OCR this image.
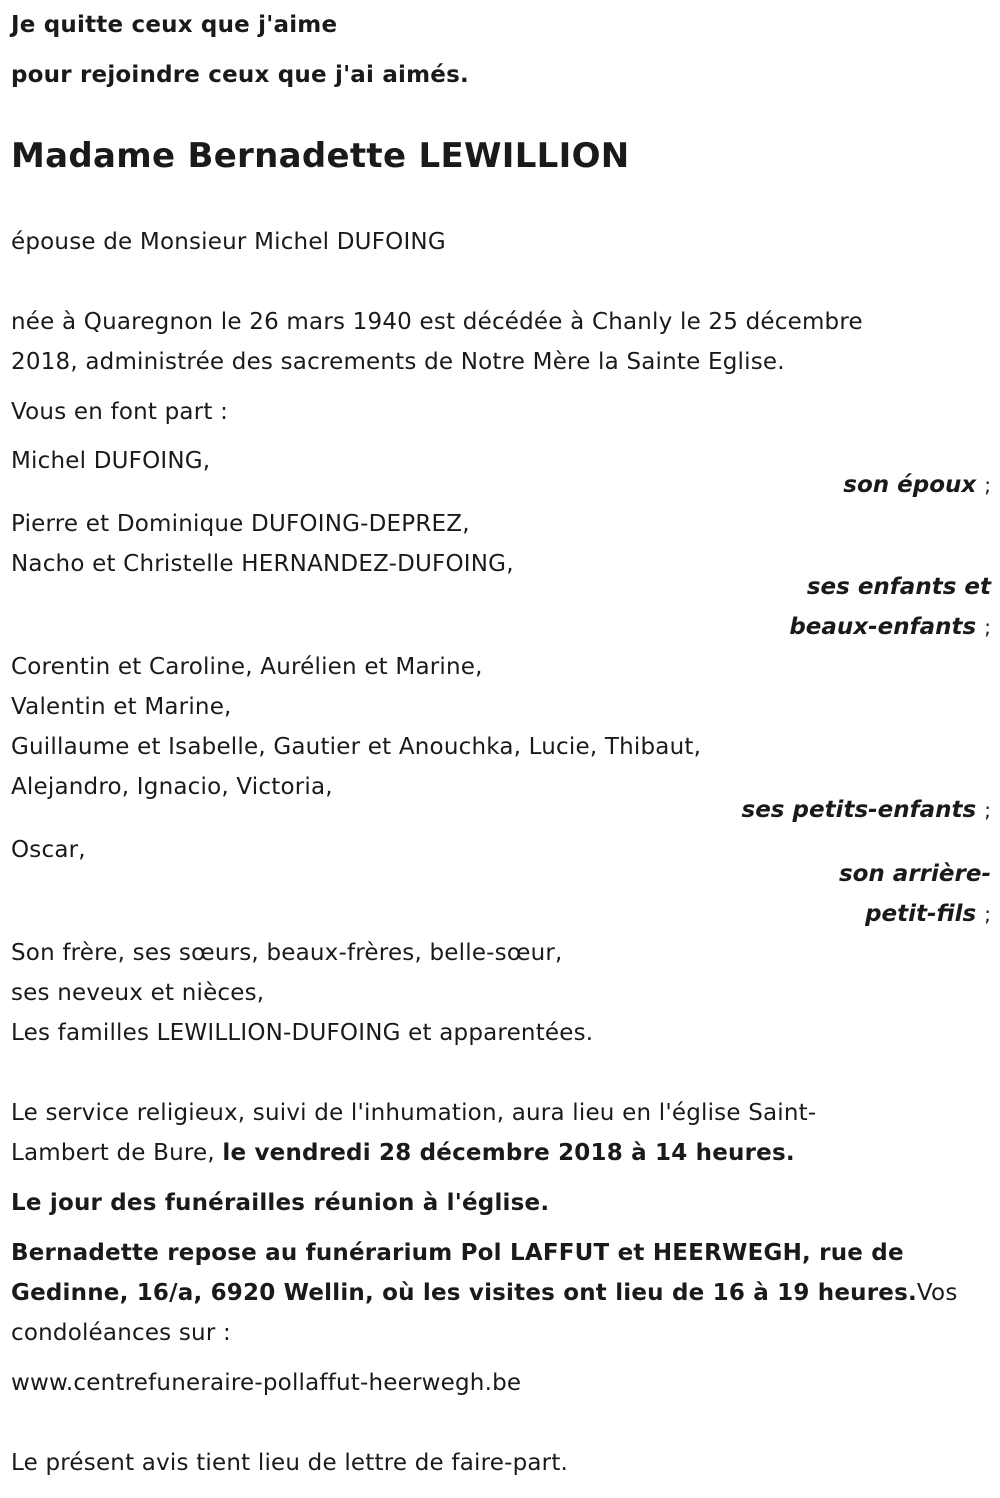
Je quitte ceux que j'aime
pour rejoindre ceux que j'ai aimés.
Madame Bernadette LEWILLION
épouse de Monsieur Michel DUFOING
née à Quaregnon le 26 mars 1940 est décédée à Chanly le 25 décembre
2018, administrée des sacrements de Notre Mère la Sainte Eglise.
Vous en font part :
Michel DUFOING,
son époux ;
Pierre et Dominique DUFOING-DEPREZ,
Nacho et Christelle HERNANDEZ-DUFOING,
ses enfants et
beaux-enfants ;
Corentin et Caroline, Aurélien et Marine,
Valentin et Marine,
Guillaume et Isabelle, Gautier et Anouchka, Lucie, Thibaut,
Alejandro, Ignacio, Victoria,
ses petits-enfants ;
Oscar,
son arrière-
petit-fils ;
Son frère, ses sœurs, beaux-frères, belle-sœur,
ses neveux et nièces,
Les familles LEWILLION-DUFOING et apparentées.
Le service religieux, suivi de l'inhumation, aura lieu en l'église Saint-
Lambert de Bure, le vendredi 28 décembre 2018 à 14 heures.
Le jour des funérailles réunion à l'église.
Bernadette repose au funérarium Pol LAFFUT et HEERWEGH, rue de
Gedinne, 16/a, 6920 Wellin, où les visites ont lieu de 16 à 19 heures.Vos
condoléances sur :
www.centrefuneraire-pollaffut-heerwegh.be
Le présent avis tient lieu de lettre de faire-part.
